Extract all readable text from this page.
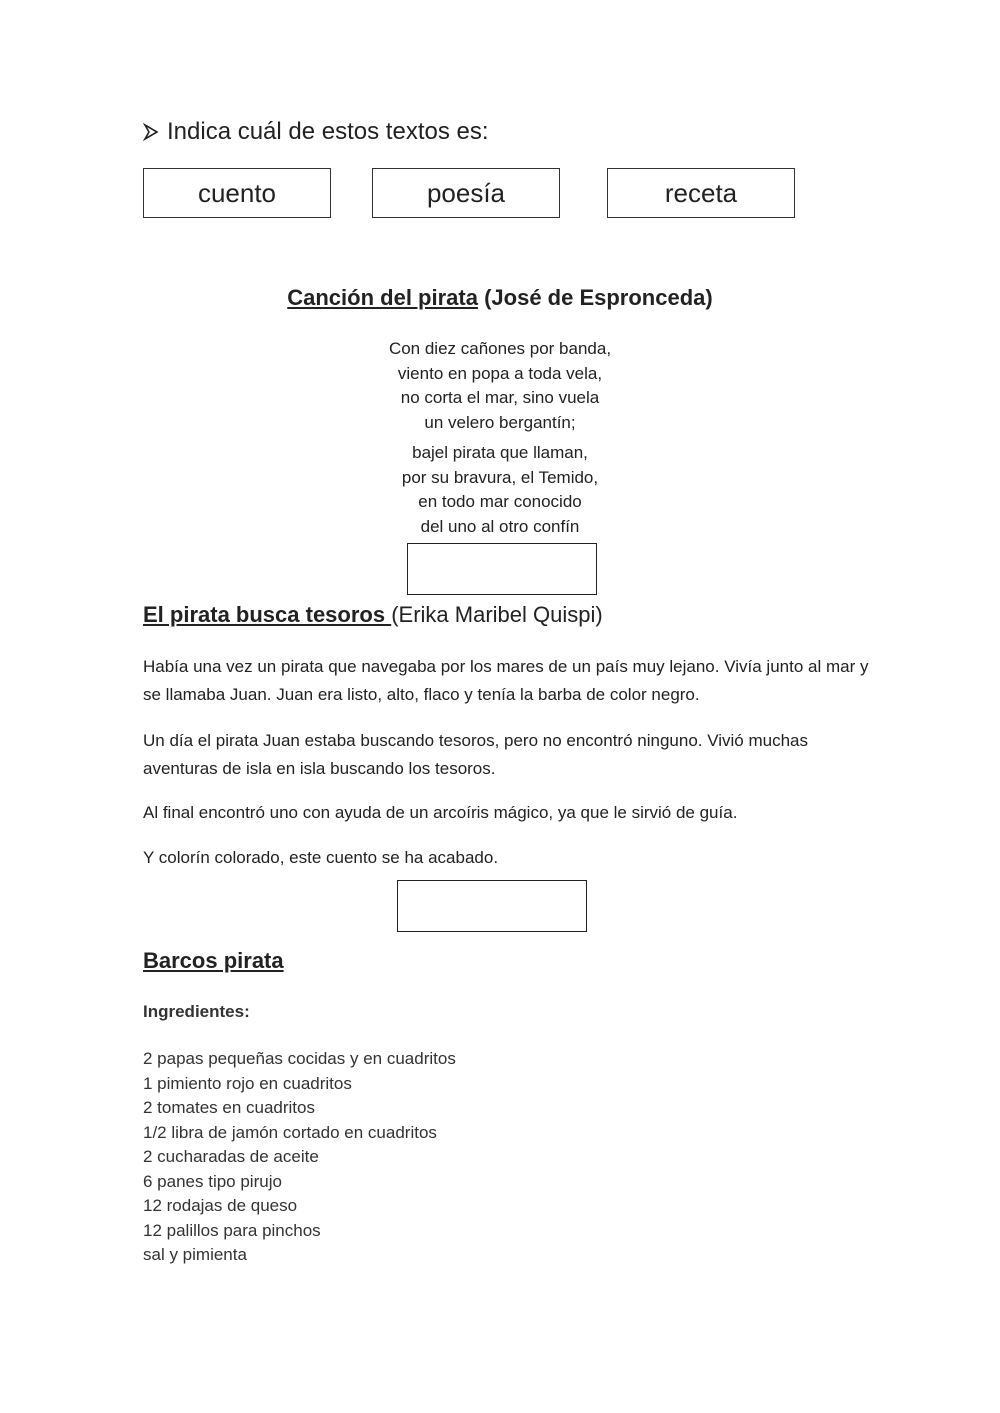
Indica cuál de estos textos es:
cuento	poesía	receta
Canción del pirata (José de Espronceda)
Con diez cañones por banda,
viento en popa a toda vela,
no corta el mar, sino vuela
un velero bergantín;
bajel pirata que llaman,
por su bravura, el Temido,
en todo mar conocido
del uno al otro confín
El pirata busca tesoros (Erika Maribel Quispi)
Había una vez un pirata que navegaba por los mares de un país muy lejano. Vivía junto al mar y se llamaba Juan. Juan era listo, alto, flaco y tenía la barba de color negro.
Un día el pirata Juan estaba buscando tesoros, pero no encontró ninguno. Vivió muchas aventuras de isla en isla buscando los tesoros.
Al final encontró uno con ayuda de un arcoíris mágico, ya que le sirvió de guía.
Y colorín colorado, este cuento se ha acabado.
Barcos pirata
Ingredientes:
2 papas pequeñas cocidas y en cuadritos
1 pimiento rojo en cuadritos
2 tomates en cuadritos
1/2 libra de jamón cortado en cuadritos
2 cucharadas de aceite
6 panes tipo pirujo
12 rodajas de queso
12 palillos para pinchos
sal y pimienta
